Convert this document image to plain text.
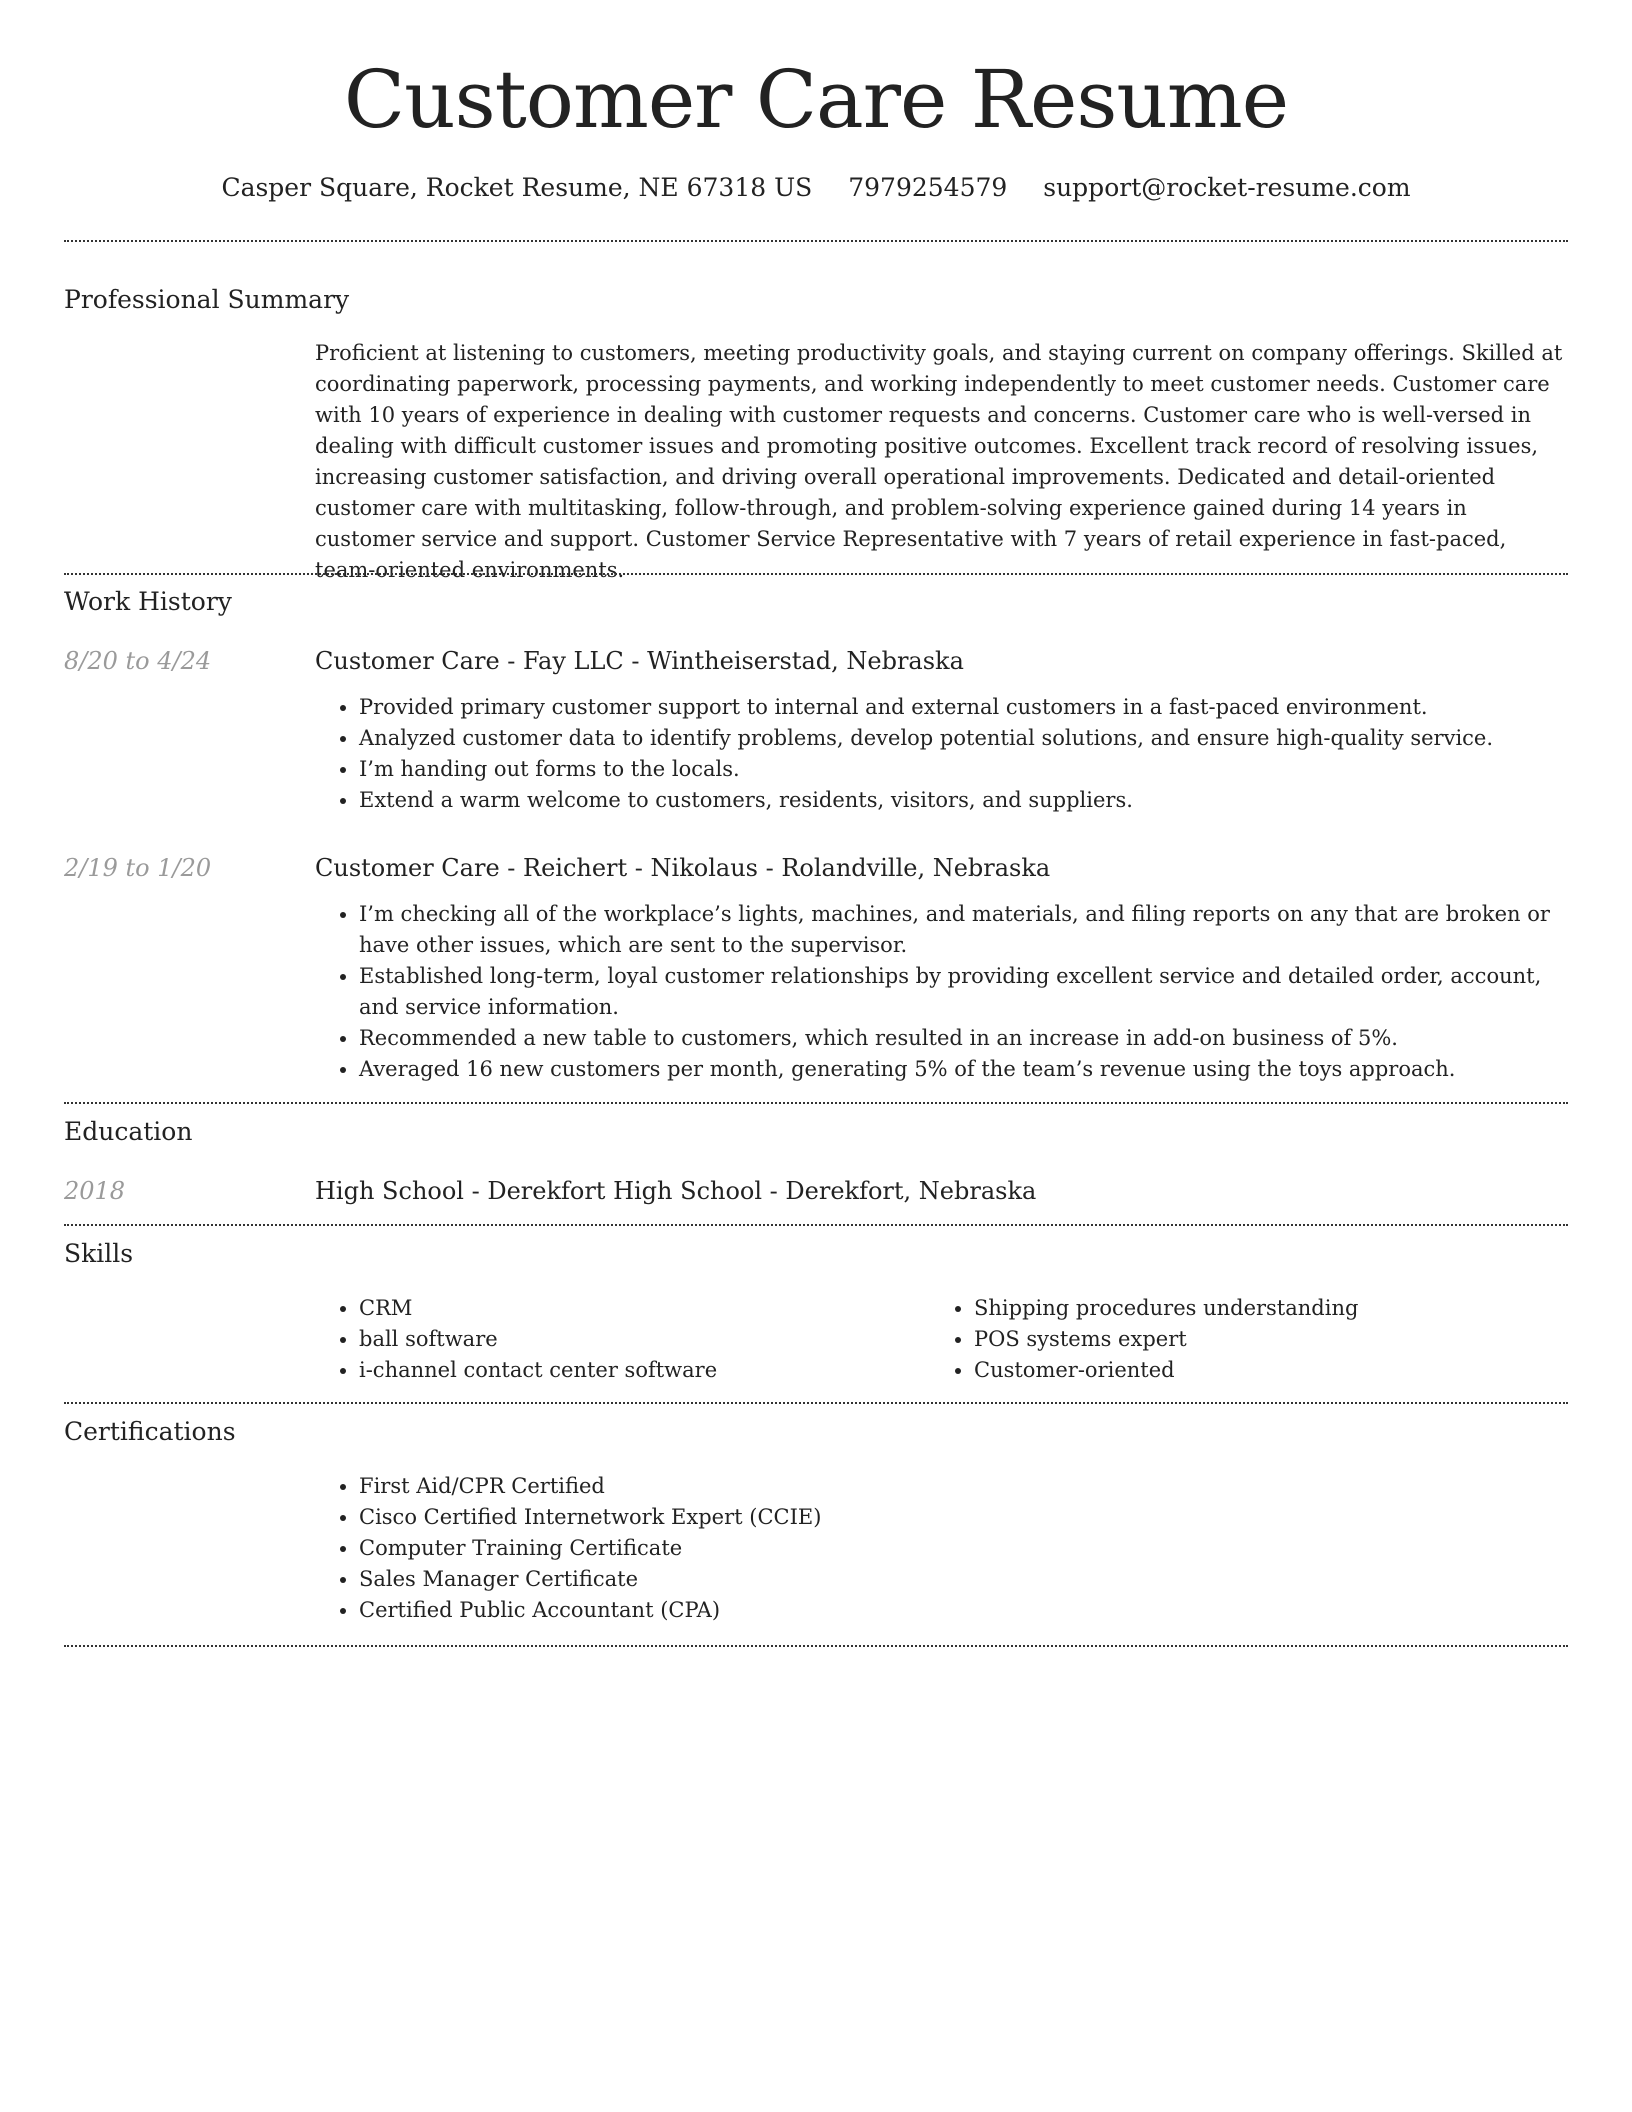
Customer Care Resume
Casper Square, Rocket Resume, NE 67318 US 7979254579 support@rocket-resume.com
Professional Summary

Proficient at listening to customers, meeting productivity goals, and staying current on company offerings. Skilled at coordinating paperwork, processing payments, and working independently to meet customer needs. Customer care with 10 years of experience in dealing with customer requests and concerns. Customer care who is well-versed in dealing with difficult customer issues and promoting positive outcomes. Excellent track record of resolving issues, increasing customer satisfaction, and driving overall operational improvements. Dedicated and detail-oriented customer care with multitasking, follow-through, and problem-solving experience gained during 14 years in customer service and support. Customer Service Representative with 7 years of retail experience in fast-paced, team-oriented environments.

Work History
8/20 to 4/24	Customer Care - Fay LLC - Wintheiserstad, Nebraska

• Provided primary customer support to internal and external customers in a fast-paced environment.
• Analyzed customer data to identify problems, develop potential solutions, and ensure high-quality service.
• I’m handing out forms to the locals.
• Extend a warm welcome to customers, residents, visitors, and suppliers.
2/19 to 1/20	Customer Care - Reichert - Nikolaus - Rolandville, Nebraska

• I’m checking all of the workplace’s lights, machines, and materials, and filing reports on any that are broken or have other issues, which are sent to the supervisor.
• Established long-term, loyal customer relationships by providing excellent service and detailed order, account, and service information.
• Recommended a new table to customers, which resulted in an increase in add-on business of 5%.
• Averaged 16 new customers per month, generating 5% of the team’s revenue using the toys approach.
Education
2018	High School - Derekfort High School - Derekfort, Nebraska

Skills
• CRM
• ball software
• i-channel contact center software
• Shipping procedures understanding
• POS systems expert
• Customer-oriented
Certifications
• First Aid/CPR Certified
• Cisco Certified Internetwork Expert (CCIE)
• Computer Training Certificate
• Sales Manager Certificate
• Certified Public Accountant (CPA)
